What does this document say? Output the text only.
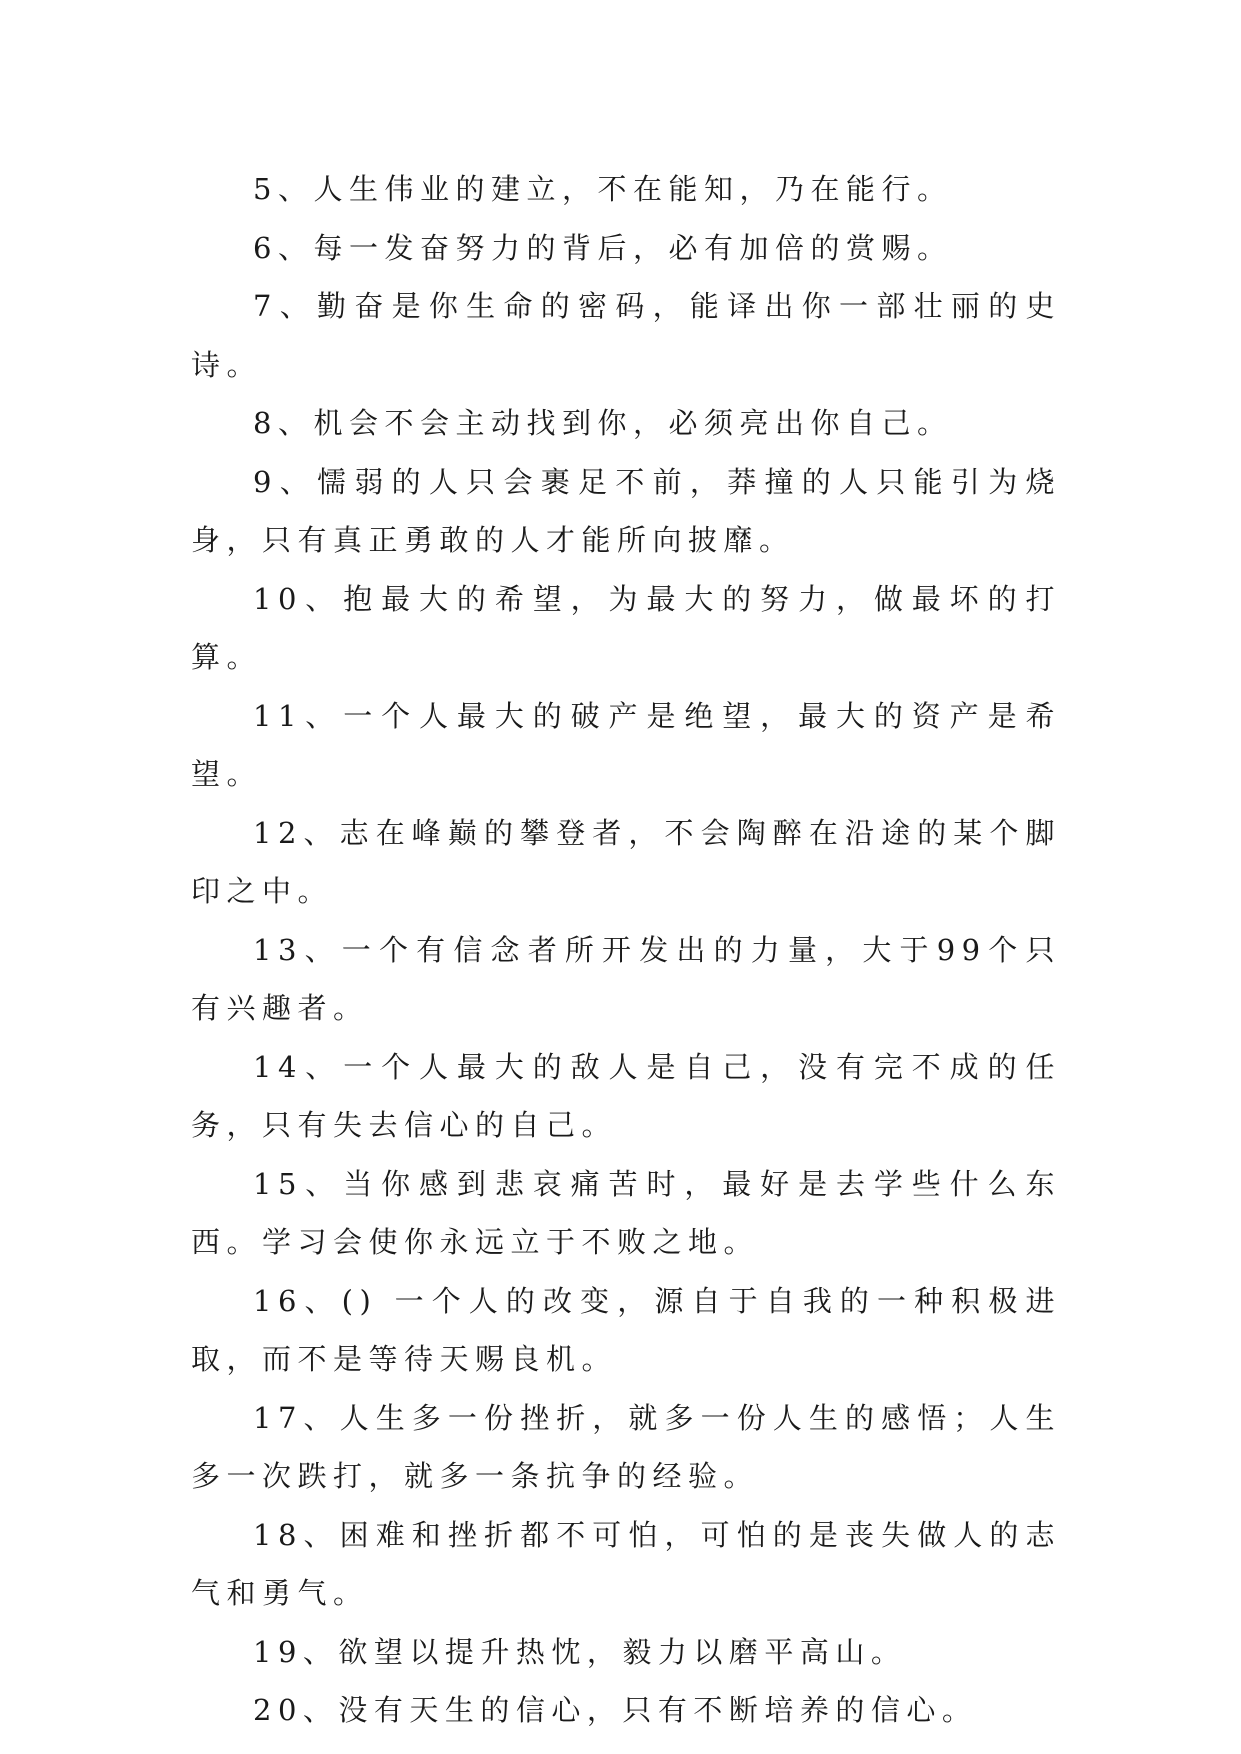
5、人生伟业的建立，不在能知，乃在能行。

6、每一发奋努力的背后，必有加倍的赏赐。

7、勤奋是你生命的密码，能译出你一部壮丽的史诗。

8、机会不会主动找到你，必须亮出你自己。

9、懦弱的人只会裹足不前，莽撞的人只能引为烧身，只有真正勇敢的人才能所向披靡。

10、抱最大的希望，为最大的努力，做最坏的打算。

11、一个人最大的破产是绝望，最大的资产是希望。

12、志在峰巅的攀登者，不会陶醉在沿途的某个脚印之中。

13、一个有信念者所开发出的力量，大于99个只有兴趣者。

14、一个人最大的敌人是自己，没有完不成的任务，只有失去信心的自己。

15、当你感到悲哀痛苦时，最好是去学些什么东西。学习会使你永远立于不败之地。

16、() 一个人的改变，源自于自我的一种积极进取，而不是等待天赐良机。

17、人生多一份挫折，就多一份人生的感悟；人生多一次跌打，就多一条抗争的经验。

18、困难和挫折都不可怕，可怕的是丧失做人的志气和勇气。

19、欲望以提升热忱，毅力以磨平高山。

20、没有天生的信心，只有不断培养的信心。
